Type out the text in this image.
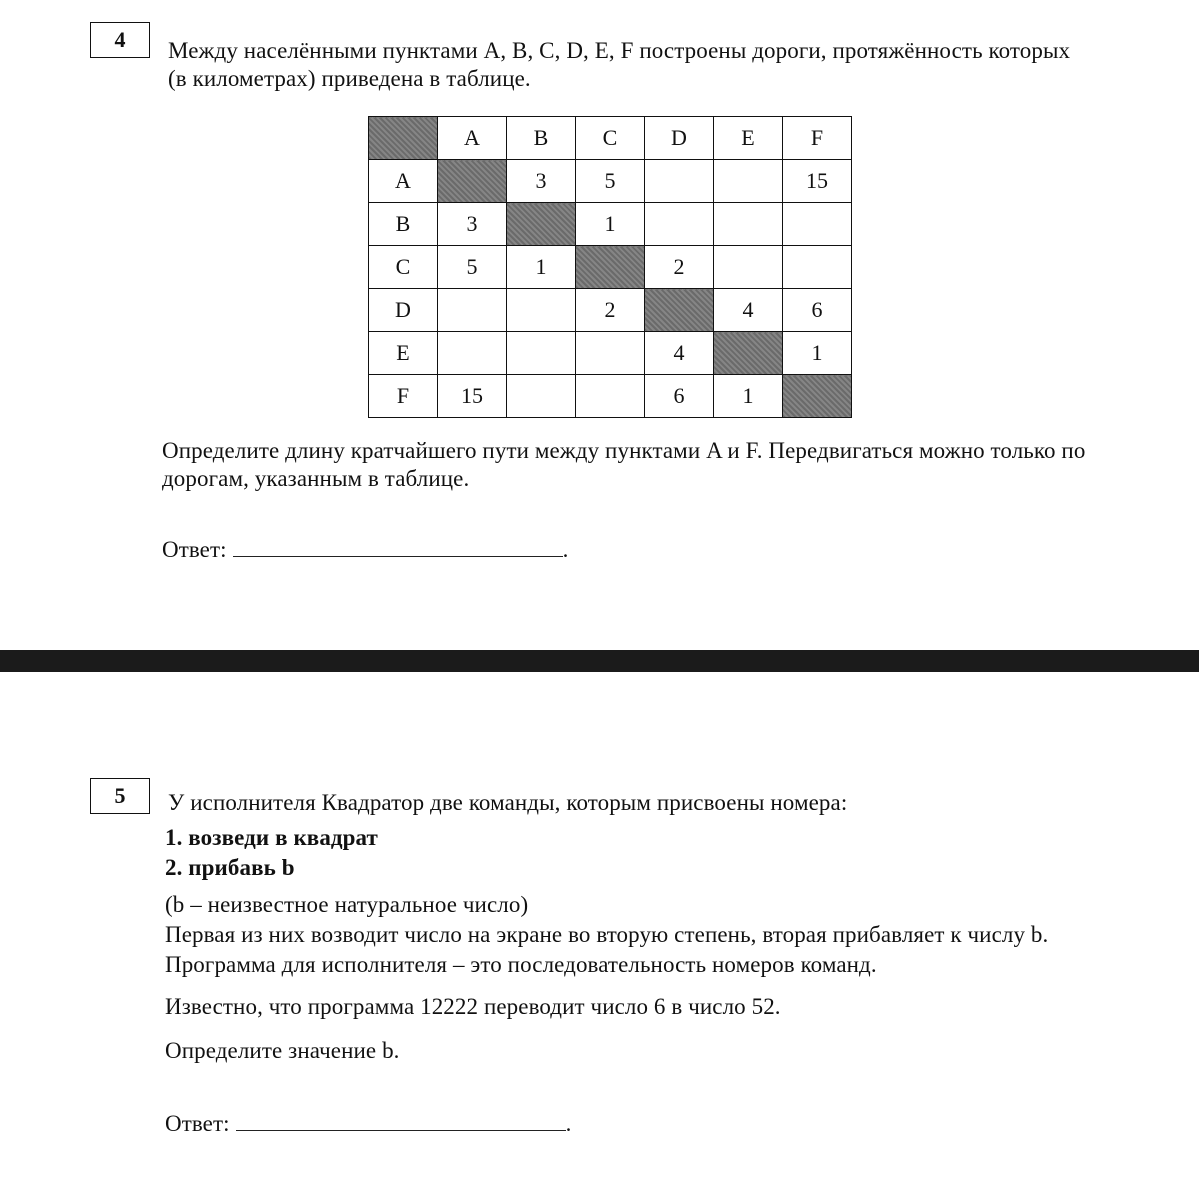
4	Между населёнными пунктами A, B, C, D, E, F построены дороги, протяжённость которых
(в километрах) приведена в таблице.
	A	B	C	D	E	F
A		3	5			15
B	3		1			
C	5	1		2		
D			2		4	6
E				4		1
F	15			6	1	
Определите длину кратчайшего пути между пунктами A и F. Передвигаться можно только по
дорогам, указанным в таблице.
Ответ:	.
5	У исполнителя Квадратор две команды, которым присвоены номера:
1. возведи в квадрат
2. прибавь b
(b – неизвестное натуральное число)
Первая из них возводит число на экране во вторую степень, вторая прибавляет к числу b.
Программа для исполнителя – это последовательность номеров команд.
Известно, что программа 12222 переводит число 6 в число 52.
Определите значение b.
Ответ:	.
